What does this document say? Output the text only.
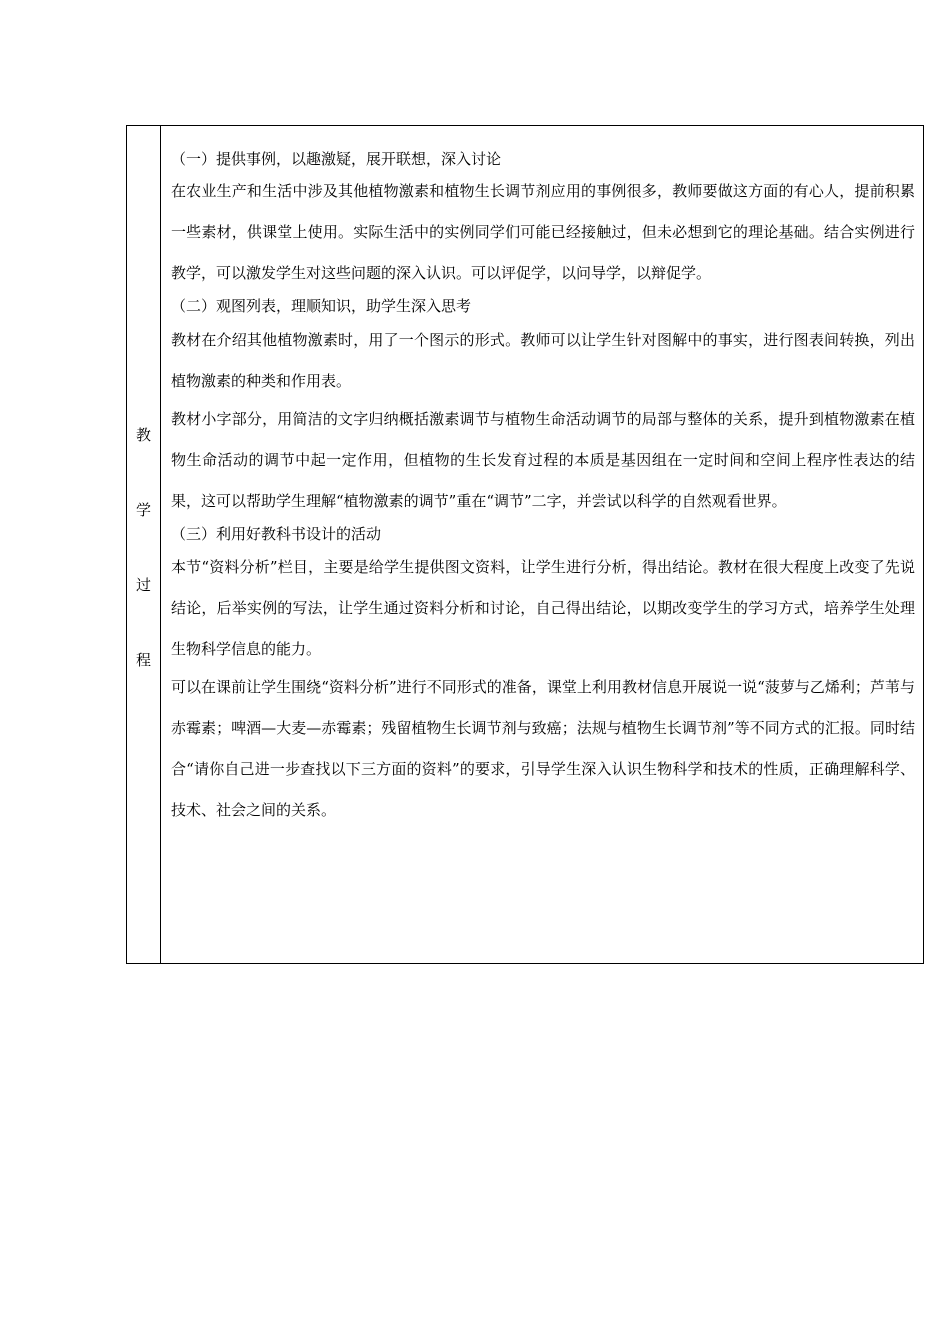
教
学
过
程

（一）提供事例，以趣激疑，展开联想，深入讨论

在农业生产和生活中涉及其他植物激素和植物生长调节剂应用的事例很多，教师要做这方面的有心人，提前积累一些素材，供课堂上使用。实际生活中的实例同学们可能已经接触过，但未必想到它的理论基础。结合实例进行教学，可以激发学生对这些问题的深入认识。可以评促学，以问导学，以辩促学。

（二）观图列表，理顺知识，助学生深入思考

教材在介绍其他植物激素时，用了一个图示的形式。教师可以让学生针对图解中的事实，进行图表间转换，列出植物激素的种类和作用表。

教材小字部分，用简洁的文字归纳概括激素调节与植物生命活动调节的局部与整体的关系，提升到植物激素在植物生命活动的调节中起一定作用，但植物的生长发育过程的本质是基因组在一定时间和空间上程序性表达的结果，这可以帮助学生理解“植物激素的调节”重在“调节”二字，并尝试以科学的自然观看世界。

（三）利用好教科书设计的活动

本节“资料分析”栏目，主要是给学生提供图文资料，让学生进行分析，得出结论。教材在很大程度上改变了先说结论，后举实例的写法，让学生通过资料分析和讨论，自己得出结论，以期改变学生的学习方式，培养学生处理生物科学信息的能力。

可以在课前让学生围绕“资料分析”进行不同形式的准备，课堂上利用教材信息开展说一说“菠萝与乙烯利；芦苇与赤霉素；啤酒—大麦—赤霉素；残留植物生长调节剂与致癌；法规与植物生长调节剂”等不同方式的汇报。同时结合“请你自己进一步查找以下三方面的资料”的要求，引导学生深入认识生物科学和技术的性质，正确理解科学、技术、社会之间的关系。
